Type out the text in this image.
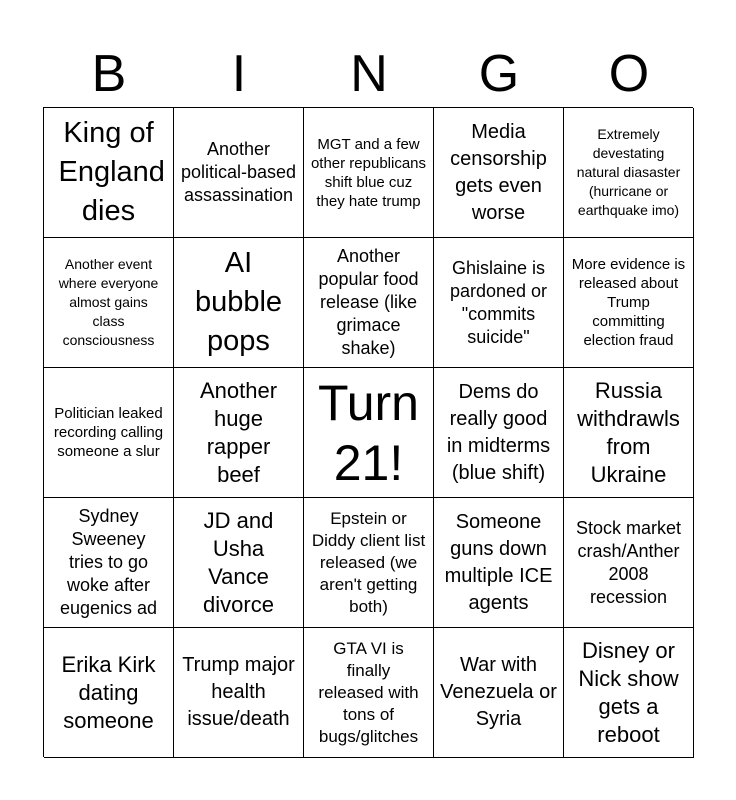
B	I	N	G	O
King of England dies
Another political-based assassination
MGT and a few other republicans shift blue cuz they hate trump
Media censorship gets even worse
Extremely devestating natural diasaster (hurricane or earthquake imo)
Another event where everyone almost gains class consciousness
AI bubble pops
Another popular food release (like grimace shake)
Ghislaine is pardoned or "commits suicide"
More evidence is released about Trump committing election fraud
Politician leaked recording calling someone a slur
Another huge rapper beef
Turn 21!
Dems do really good in midterms (blue shift)
Russia withdrawls from Ukraine
Sydney Sweeney tries to go woke after eugenics ad
JD and Usha Vance divorce
Epstein or Diddy client list released (we aren't getting both)
Someone guns down multiple ICE agents
Stock market crash/Anther 2008 recession
Erika Kirk dating someone
Trump major health issue/death
GTA VI is finally released with tons of bugs/glitches
War with Venezuela or Syria
Disney or Nick show gets a reboot
